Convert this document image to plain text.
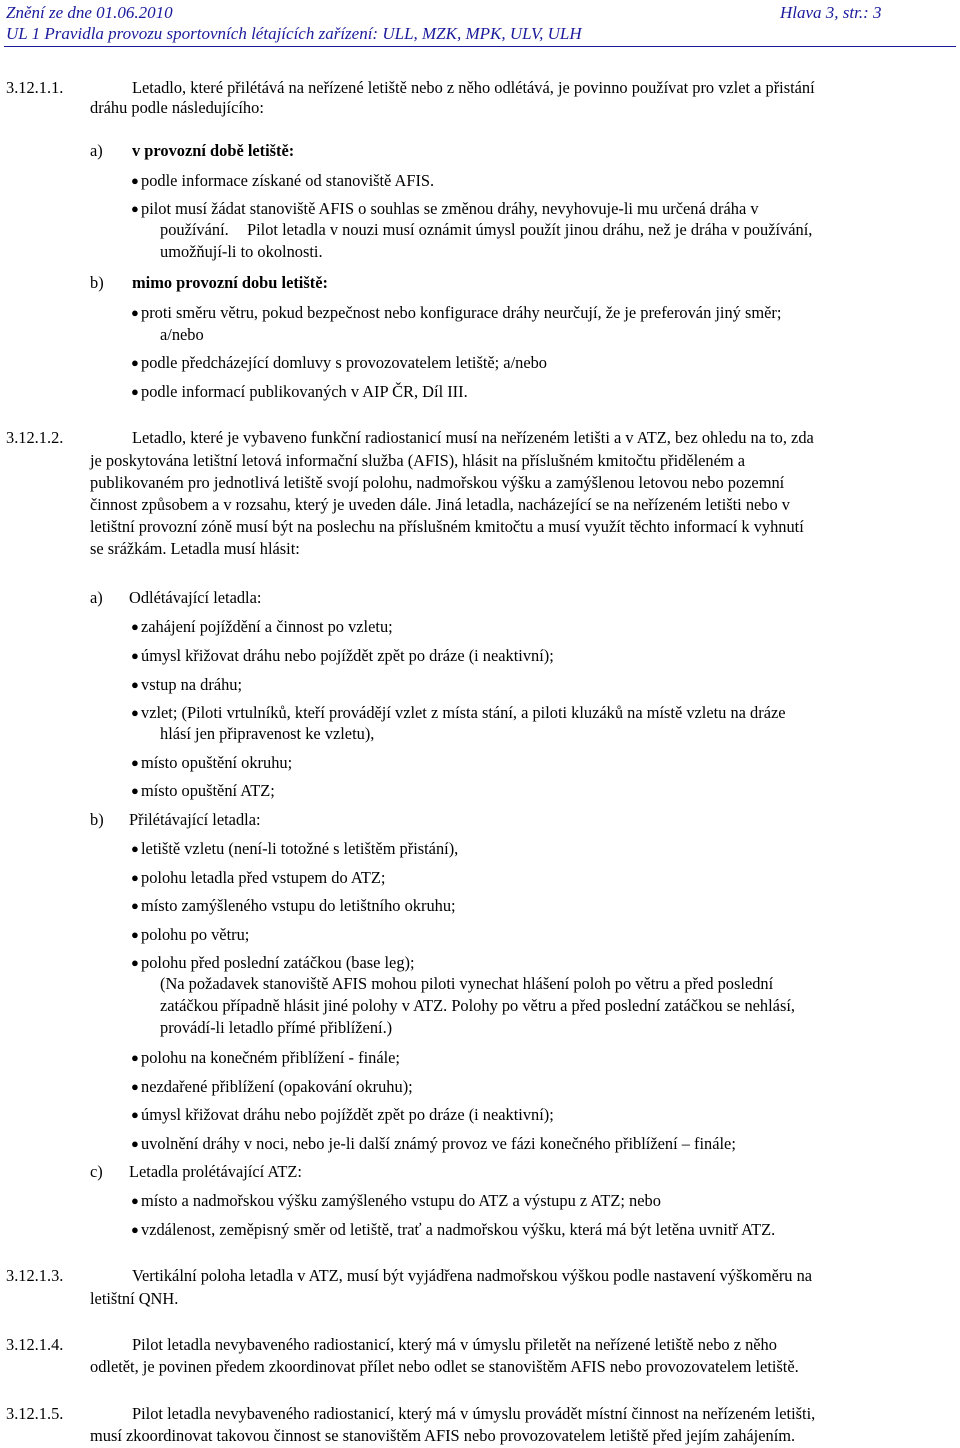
Znění ze dne 01.06.2010	Hlava 3, str.: 3
UL 1 Pravidla provozu sportovních létajících zařízení: ULL, MZK, MPK, ULV, ULH
3.12.1.1.	Letadlo, které přilétává na neřízené letiště nebo z něho odlétává, je povinno používat pro vzlet a přistání
dráhu podle následujícího:
a) v provozní době letiště:
● podle informace získané od stanoviště AFIS.
● pilot musí žádat stanoviště AFIS o souhlas se změnou dráhy, nevyhovuje-li mu určená dráha v
používání. Pilot letadla v nouzi musí oznámit úmysl použít jinou dráhu, než je dráha v používání,
umožňují-li to okolnosti.
b) mimo provozní dobu letiště:
● proti směru větru, pokud bezpečnost nebo konfigurace dráhy neurčují, že je preferován jiný směr;
a/nebo
● podle předcházející domluvy s provozovatelem letiště; a/nebo
● podle informací publikovaných v AIP ČR, Díl III.
3.12.1.2.	Letadlo, které je vybaveno funkční radiostanicí musí na neřízeném letišti a v ATZ, bez ohledu na to, zda
je poskytována letištní letová informační služba (AFIS), hlásit na příslušném kmitočtu přiděleném a
publikovaném pro jednotlivá letiště svojí polohu, nadmořskou výšku a zamýšlenou letovou nebo pozemní
činnost způsobem a v rozsahu, který je uveden dále. Jiná letadla, nacházející se na neřízeném letišti nebo v
letištní provozní zóně musí být na poslechu na příslušném kmitočtu a musí využít těchto informací k vyhnutí
se srážkám. Letadla musí hlásit:
a) Odlétávající letadla:
● zahájení pojíždění a činnost po vzletu;
● úmysl křižovat dráhu nebo pojíždět zpět po dráze (i neaktivní);
● vstup na dráhu;
● vzlet; (Piloti vrtulníků, kteří provádějí vzlet z místa stání, a piloti kluzáků na místě vzletu na dráze
hlásí jen připravenost ke vzletu),
● místo opuštění okruhu;
● místo opuštění ATZ;
b) Přilétávající letadla:
● letiště vzletu (není-li totožné s letištěm přistání),
● polohu letadla před vstupem do ATZ;
● místo zamýšleného vstupu do letištního okruhu;
● polohu po větru;
● polohu před poslední zatáčkou (base leg);
(Na požadavek stanoviště AFIS mohou piloti vynechat hlášení poloh po větru a před poslední
zatáčkou případně hlásit jiné polohy v ATZ. Polohy po větru a před poslední zatáčkou se nehlásí,
provádí-li letadlo přímé přiblížení.)
● polohu na konečném přiblížení - finále;
● nezdařené přiblížení (opakování okruhu);
● úmysl křižovat dráhu nebo pojíždět zpět po dráze (i neaktivní);
● uvolnění dráhy v noci, nebo je-li další známý provoz ve fázi konečného přiblížení – finále;
c) Letadla prolétávající ATZ:
● místo a nadmořskou výšku zamýšleného vstupu do ATZ a výstupu z ATZ; nebo
● vzdálenost, zeměpisný směr od letiště, trať a nadmořskou výšku, která má být letěna uvnitř ATZ.
3.12.1.3.	Vertikální poloha letadla v ATZ, musí být vyjádřena nadmořskou výškou podle nastavení výškoměru na
letištní QNH.
3.12.1.4.	Pilot letadla nevybaveného radiostanicí, který má v úmyslu přiletět na neřízené letiště nebo z něho
odletět, je povinen předem zkoordinovat přílet nebo odlet se stanovištěm AFIS nebo provozovatelem letiště.
3.12.1.5.	Pilot letadla nevybaveného radiostanicí, který má v úmyslu provádět místní činnost na neřízeném letišti,
musí zkoordinovat takovou činnost se stanovištěm AFIS nebo provozovatelem letiště před jejím zahájením.
